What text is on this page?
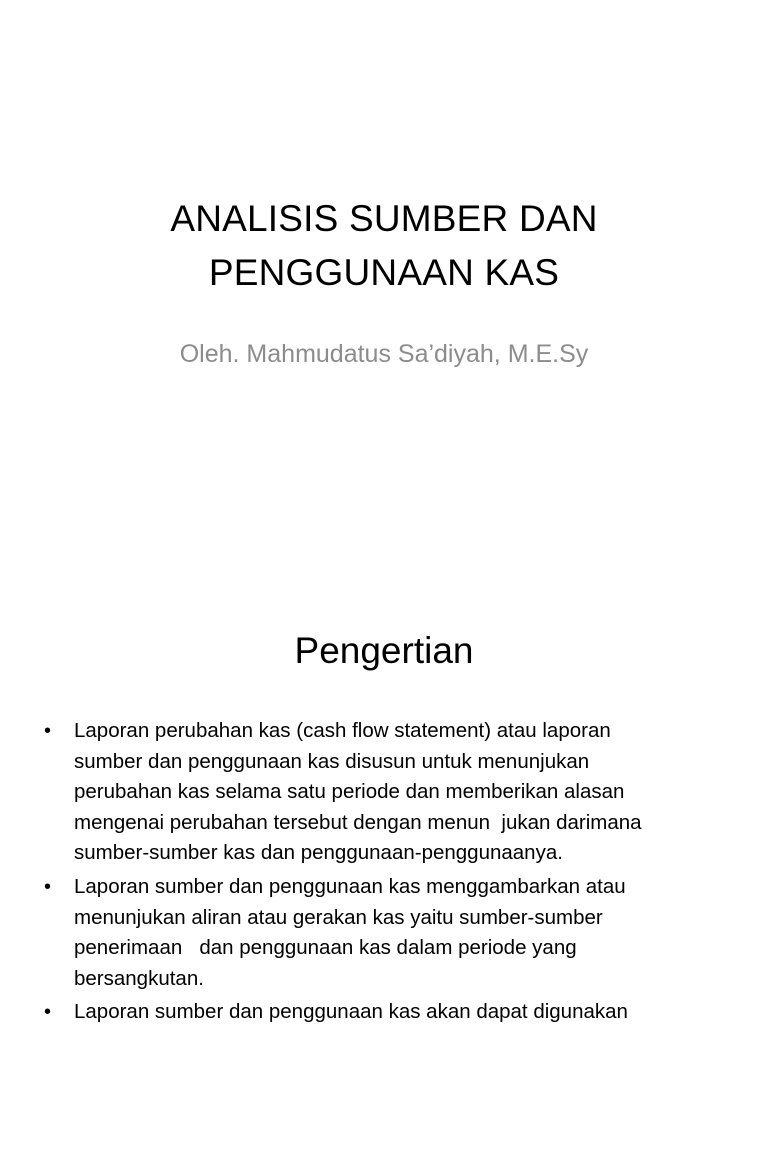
ANALISIS SUMBER DAN
PENGGUNAAN KAS
Oleh. Mahmudatus Sa’diyah, M.E.Sy
Pengertian
•	Laporan perubahan kas (cash flow statement) atau laporan
sumber dan penggunaan kas disusun untuk menunjukan
perubahan kas selama satu periode dan memberikan alasan
mengenai perubahan tersebut dengan menun  jukan darimana
sumber-sumber kas dan penggunaan-penggunaanya.
•	Laporan sumber dan penggunaan kas menggambarkan atau
menunjukan aliran atau gerakan kas yaitu sumber-sumber
penerimaan   dan penggunaan kas dalam periode yang
bersangkutan.
•	Laporan sumber dan penggunaan kas akan dapat digunakan
